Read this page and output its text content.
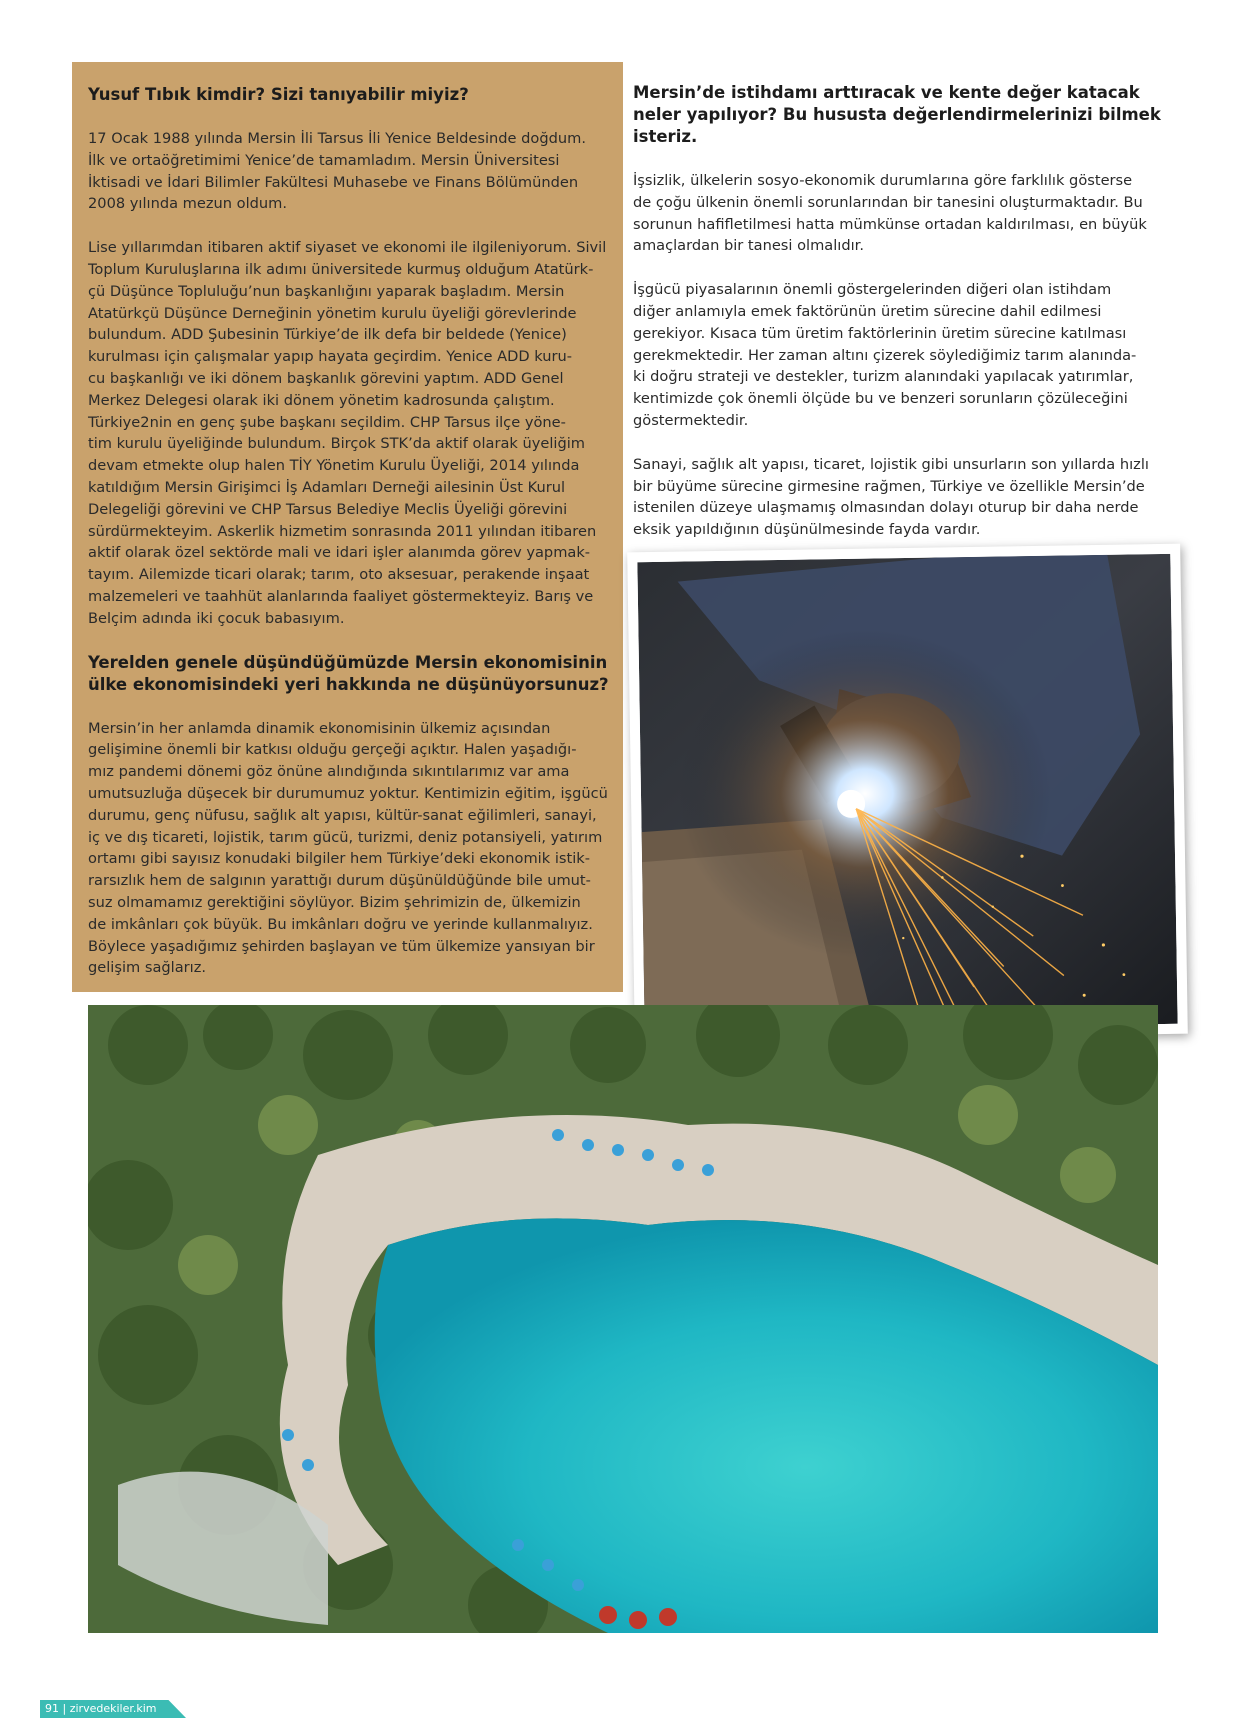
Yusuf Tıbık kimdir? Sizi tanıyabilir miyiz?

17 Ocak 1988 yılında Mersin İli Tarsus İli Yenice Beldesinde doğdum.
İlk ve ortaöğretimimi Yenice’de tamamladım. Mersin Üniversitesi
İktisadi ve İdari Bilimler Fakültesi Muhasebe ve Finans Bölümünden
2008 yılında mezun oldum.

Lise yıllarımdan itibaren aktif siyaset ve ekonomi ile ilgileniyorum. Sivil
Toplum Kuruluşlarına ilk adımı üniversitede kurmuş olduğum Atatürk-
çü Düşünce Topluluğu’nun başkanlığını yaparak başladım. Mersin
Atatürkçü Düşünce Derneğinin yönetim kurulu üyeliği görevlerinde
bulundum. ADD Şubesinin Türkiye’de ilk defa bir beldede (Yenice)
kurulması için çalışmalar yapıp hayata geçirdim. Yenice ADD kuru-
cu başkanlığı ve iki dönem başkanlık görevini yaptım. ADD Genel
Merkez Delegesi olarak iki dönem yönetim kadrosunda çalıştım.
Türkiye2nin en genç şube başkanı seçildim. CHP Tarsus ilçe yöne-
tim kurulu üyeliğinde bulundum. Birçok STK’da aktif olarak üyeliğim
devam etmekte olup halen TİY Yönetim Kurulu Üyeliği, 2014 yılında
katıldığım Mersin Girişimci İş Adamları Derneği ailesinin Üst Kurul
Delegeliği görevini ve CHP Tarsus Belediye Meclis Üyeliği görevini
sürdürmekteyim. Askerlik hizmetim sonrasında 2011 yılından itibaren
aktif olarak özel sektörde mali ve idari işler alanımda görev yapmak-
tayım. Ailemizde ticari olarak; tarım, oto aksesuar, perakende inşaat
malzemeleri ve taahhüt alanlarında faaliyet göstermekteyiz. Barış ve
Belçim adında iki çocuk babasıyım.

Yerelden genele düşündüğümüzde Mersin ekonomisinin
ülke ekonomisindeki yeri hakkında ne düşünüyorsunuz?

Mersin’in her anlamda dinamik ekonomisinin ülkemiz açısından
gelişimine önemli bir katkısı olduğu gerçeği açıktır. Halen yaşadığı-
mız pandemi dönemi göz önüne alındığında sıkıntılarımız var ama
umutsuzluğa düşecek bir durumumuz yoktur. Kentimizin eğitim, işgücü
durumu, genç nüfusu, sağlık alt yapısı, kültür-sanat eğilimleri, sanayi,
iç ve dış ticareti, lojistik, tarım gücü, turizmi, deniz potansiyeli, yatırım
ortamı gibi sayısız konudaki bilgiler hem Türkiye’deki ekonomik istik-
rarsızlık hem de salgının yarattığı durum düşünüldüğünde bile umut-
suz olmamamız gerektiğini söylüyor. Bizim şehrimizin de, ülkemizin
de imkânları çok büyük. Bu imkânları doğru ve yerinde kullanmalıyız.
Böylece yaşadığımız şehirden başlayan ve tüm ülkemize yansıyan bir
gelişim sağlarız.

Mersin’de istihdamı arttıracak ve kente değer katacak
neler yapılıyor? Bu hususta değerlendirmelerinizi bilmek
isteriz.

İşsizlik, ülkelerin sosyo-ekonomik durumlarına göre farklılık gösterse
de çoğu ülkenin önemli sorunlarından bir tanesini oluşturmaktadır. Bu
sorunun hafifletilmesi hatta mümkünse ortadan kaldırılması, en büyük
amaçlardan bir tanesi olmalıdır.

İşgücü piyasalarının önemli göstergelerinden diğeri olan istihdam
diğer anlamıyla emek faktörünün üretim sürecine dahil edilmesi
gerekiyor. Kısaca tüm üretim faktörlerinin üretim sürecine katılması
gerekmektedir. Her zaman altını çizerek söylediğimiz tarım alanında-
ki doğru strateji ve destekler, turizm alanındaki yapılacak yatırımlar,
kentimizde çok önemli ölçüde bu ve benzeri sorunların çözüleceğini
göstermektedir.

Sanayi, sağlık alt yapısı, ticaret, lojistik gibi unsurların son yıllarda hızlı
bir büyüme sürecine girmesine rağmen, Türkiye ve özellikle Mersin’de
istenilen düzeye ulaşmamış olmasından dolayı oturup bir daha nerde
eksik yapıldığının düşünülmesinde fayda vardır.

91 | zirvedekiler.kim
